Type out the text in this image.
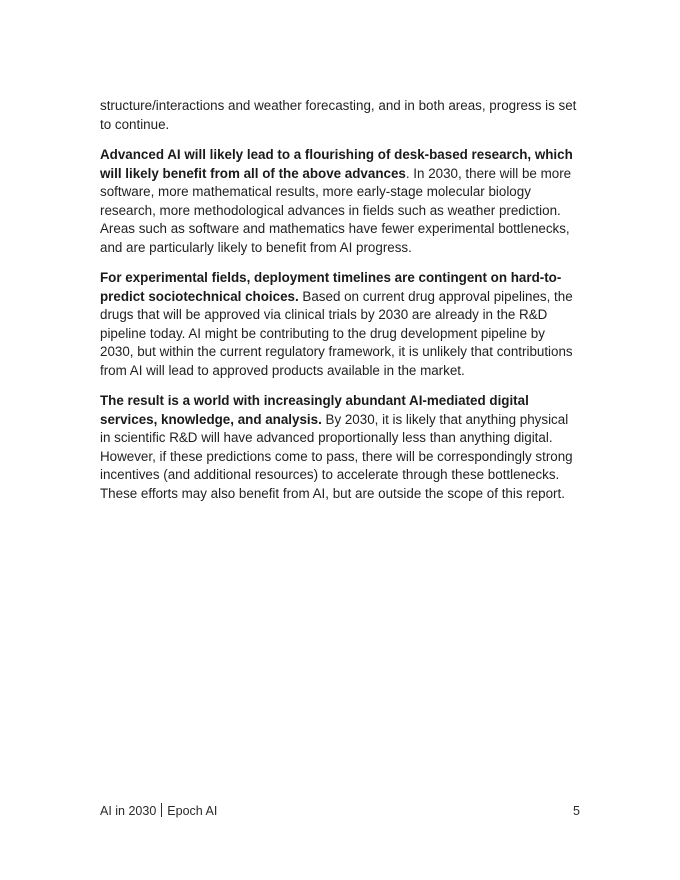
structure/interactions and weather forecasting, and in both areas, progress is set to continue.

Advanced AI will likely lead to a flourishing of desk-based research, which will likely benefit from all of the above advances. In 2030, there will be more software, more mathematical results, more early-stage molecular biology research, more methodological advances in fields such as weather prediction. Areas such as software and mathematics have fewer experimental bottlenecks, and are particularly likely to benefit from AI progress.

For experimental fields, deployment timelines are contingent on hard-to-predict sociotechnical choices. Based on current drug approval pipelines, the drugs that will be approved via clinical trials by 2030 are already in the R&D pipeline today. AI might be contributing to the drug development pipeline by 2030, but within the current regulatory framework, it is unlikely that contributions from AI will lead to approved products available in the market.

The result is a world with increasingly abundant AI-mediated digital services, knowledge, and analysis. By 2030, it is likely that anything physical in scientific R&D will have advanced proportionally less than anything digital. However, if these predictions come to pass, there will be correspondingly strong incentives (and additional resources) to accelerate through these bottlenecks. These efforts may also benefit from AI, but are outside the scope of this report.

AI in 2030 Epoch AI	5
